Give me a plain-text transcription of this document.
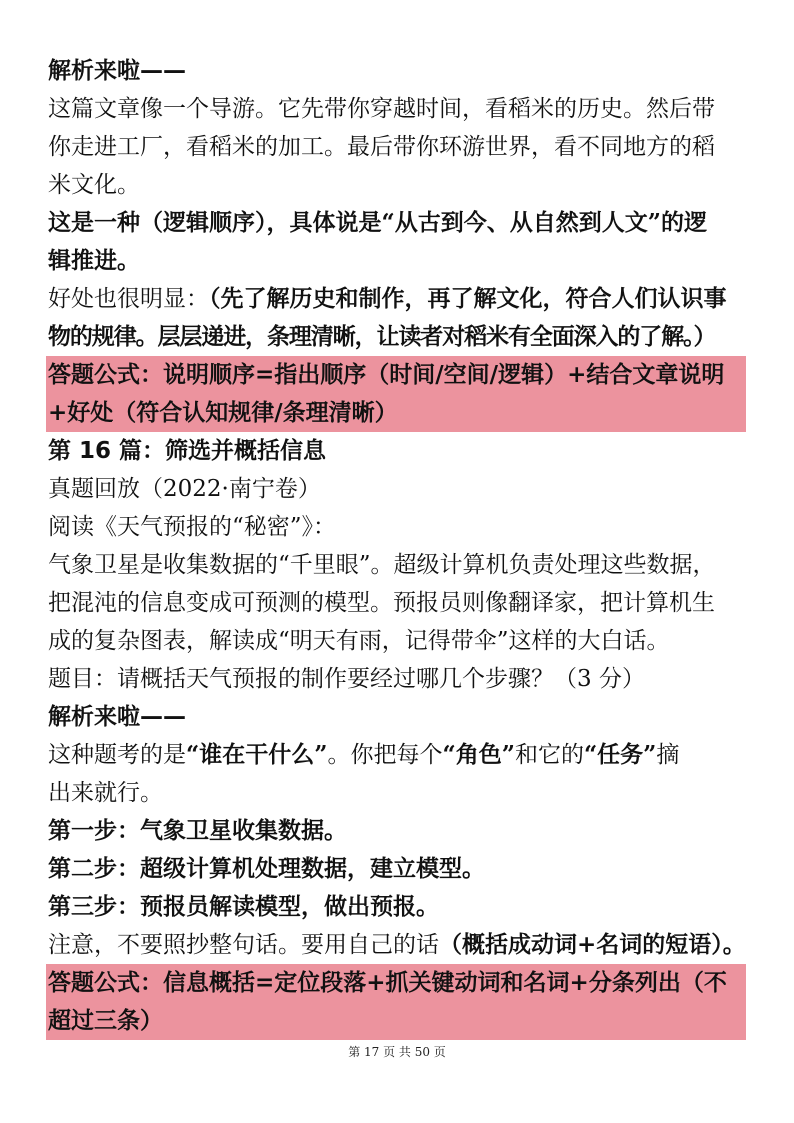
解析来啦——
这篇文章像一个导游。它先带你穿越时间，看稻米的历史。然后带
你走进工厂，看稻米的加工。最后带你环游世界，看不同地方的稻
米文化。
这是一种（逻辑顺序），具体说是“从古到今、从自然到人文”的逻
辑推进。
好处也很明显：（先了解历史和制作，再了解文化，符合人们认识事
物的规律。层层递进，条理清晰，让读者对稻米有全面深入的了解。）
答题公式：说明顺序=指出顺序（时间/空间/逻辑）+结合文章说明
+好处（符合认知规律/条理清晰）
第 16 篇：筛选并概括信息
真题回放（2022·南宁卷）
阅读《天气预报的“秘密”》：
气象卫星是收集数据的“千里眼”。超级计算机负责处理这些数据，
把混沌的信息变成可预测的模型。预报员则像翻译家，把计算机生
成的复杂图表，解读成“明天有雨，记得带伞”这样的大白话。
题目：请概括天气预报的制作要经过哪几个步骤？（3 分）
解析来啦——
这种题考的是“谁在干什么”。你把每个“角色”和它的“任务”摘
出来就行。
第一步：气象卫星收集数据。
第二步：超级计算机处理数据，建立模型。
第三步：预报员解读模型，做出预报。
注意，不要照抄整句话。要用自己的话（概括成动词+名词的短语）。
答题公式：信息概括=定位段落+抓关键动词和名词+分条列出（不
超过三条）
第 17 页 共 50 页
